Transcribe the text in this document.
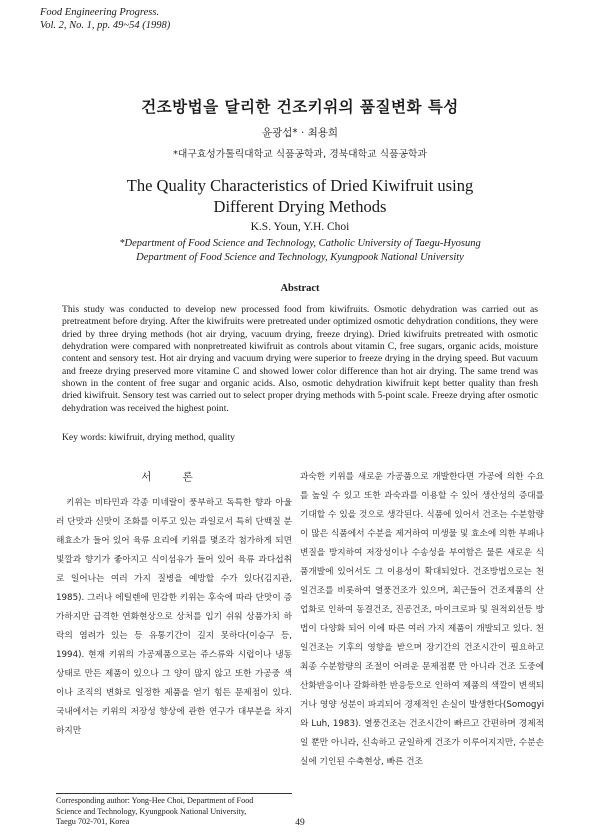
Food Engineering Progress.
Vol. 2, No. 1, pp. 49~54 (1998)
건조방법을 달리한 건조키위의 품질변화 특성
윤광섭* · 최용희
*대구효성가톨릭대학교 식품공학과, 경북대학교 식품공학과
The Quality Characteristics of Dried Kiwifruit using
Different Drying Methods
K.S. Youn, Y.H. Choi
*Department of Food Science and Technology, Catholic University of Taegu-Hyosung
Department of Food Science and Technology, Kyungpook National University
Abstract

This study was conducted to develop new processed food from kiwifruits. Osmotic dehydration was carried out as pretreatment before drying. After the kiwifruits were pretreated under optimized osmotic dehydration conditions, they were dried by three drying methods (hot air drying, vacuum drying, freeze drying). Dried kiwifruits pretreated with osmotic dehydration were compared with nonpretreated kiwifruit as controls about vitamin C, free sugars, organic acids, moisture content and sensory test. Hot air drying and vacuum drying were superior to freeze drying in the drying speed. But vacuum and freeze drying preserved more vitamine C and showed lower color difference than hot air drying. The same trend was shown in the content of free sugar and organic acids. Also, osmotic dehydration kiwifruit kept better quality than fresh dried kiwifruit. Sensory test was carried out to select proper drying methods with 5-point scale. Freeze drying after osmotic dehydration was received the highest point.

Key words: kiwifruit, drying method, quality
서 론

키위는 비타민과 각종 미네랄이 풍부하고 독특한 향과 아울러 단맛과 신맛이 조화를 이루고 있는 과일로서 특히 단백질 분해효소가 들어 있어 육류 요리에 키위를 몇조각 첨가하게 되면 빛깔과 향기가 좋아지고 식이섬유가 들어 있어 육류 과다섭취로 일어나는 여러 가지 질병을 예방할 수가 있다(김지관, 1985). 그러나 에틸렌에 민감한 키위는 후숙에 따라 단맛이 증가하지만 급격한 연화현상으로 상처를 입기 쉬워 상품가치 하락의 염려가 있는 등 유통기간이 길지 못하다(이승구 등, 1994). 현재 키위의 가공제품으로는 쥬스류와 시럽이나 냉동상태로 만든 제품이 있으나 그 양이 많지 않고 또한 가공중 색이나 조직의 변화로 일정한 제품을 얻기 힘든 문제점이 있다. 국내에서는 키위의 저장성 향상에 관한 연구가 대부분을 차지하지만

과숙한 키위를 새로운 가공품으로 개발한다면 가공에 의한 수요를 높일 수 있고 또한 과숙과를 이용할 수 있어 생산성의 증대를 기대할 수 있을 것으로 생각된다. 식품에 있어서 건조는 수분함량이 많은 식품에서 수분을 제거하여 미생물 및 효소에 의한 부패나 변질을 방지하여 저장성이나 수송성을 부여함은 물론 새로운 식품개발에 있어서도 그 이용성이 확대되었다. 건조방법으로는 천일건조를 비롯하여 열풍건조가 있으며, 최근들어 건조제품의 산업화로 인하여 동결건조, 진공건조, 마이크로파 및 원적외선등 방법이 다양화 되어 이에 따른 여러 가지 제품이 개발되고 있다. 천일건조는 기후의 영향을 받으며 장기간의 건조시간이 필요하고 최종 수분함량의 조절이 어려운 문제점뿐 만 아니라 건조 도중에 산화반응이나 갈화하한 반응등으로 인하여 제품의 색깔이 변색되거나 영양 성분이 파괴되어 경제적인 손실이 발생한다(Somogyi와 Luh, 1983). 열풍건조는 건조시간이 빠르고 간편하며 경제적일 뿐만 아니라, 신속하고 균일하게 건조가 이루어지지만, 수분손실에 기인된 수축현상, 빠른 건조

Corresponding author: Yong-Hee Choi, Department of Food
Science and Technology, Kyungpook National University,
Taegu 702-701, Korea	49
